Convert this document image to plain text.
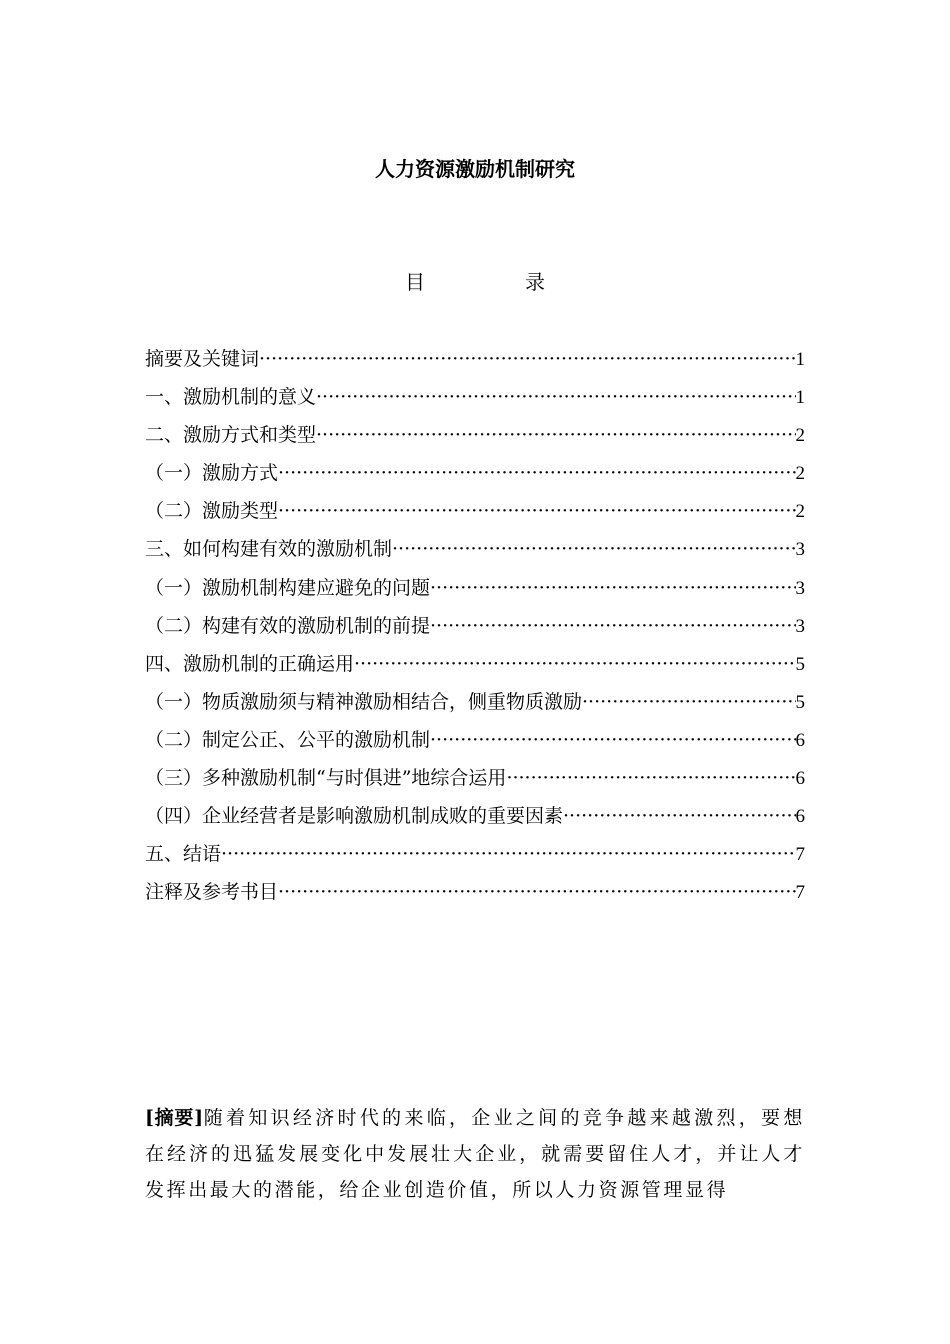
人力资源激励机制研究
目	录
摘要及关键词 ·····	1
一、激励机制的意义 ·····	1
二、激励方式和类型 ·····	2
（一）激励方式 ·····	2
（二）激励类型 ·····	2
三、如何构建有效的激励机制 ·····	3
（一）激励机制构建应避免的问题 ·····	3
（二）构建有效的激励机制的前提 ·····	3
四、激励机制的正确运用 ·····	5
（一）物质激励须与精神激励相结合，侧重物质激励 ·····	5
（二）制定公正、公平的激励机制 ·····	6
（三）多种激励机制“与时俱进”地综合运用 ·····	6
（四）企业经营者是影响激励机制成败的重要因素 ·····	6
五、结语 ·····	7
注释及参考书目 ·····	7

[摘要]随着知识经济时代的来临，企业之间的竞争越来越激烈，要想在经济的迅猛发展变化中发展壮大企业，就需要留住人才，并让人才发挥出最大的潜能，给企业创造价值，所以人力资源管理显得
